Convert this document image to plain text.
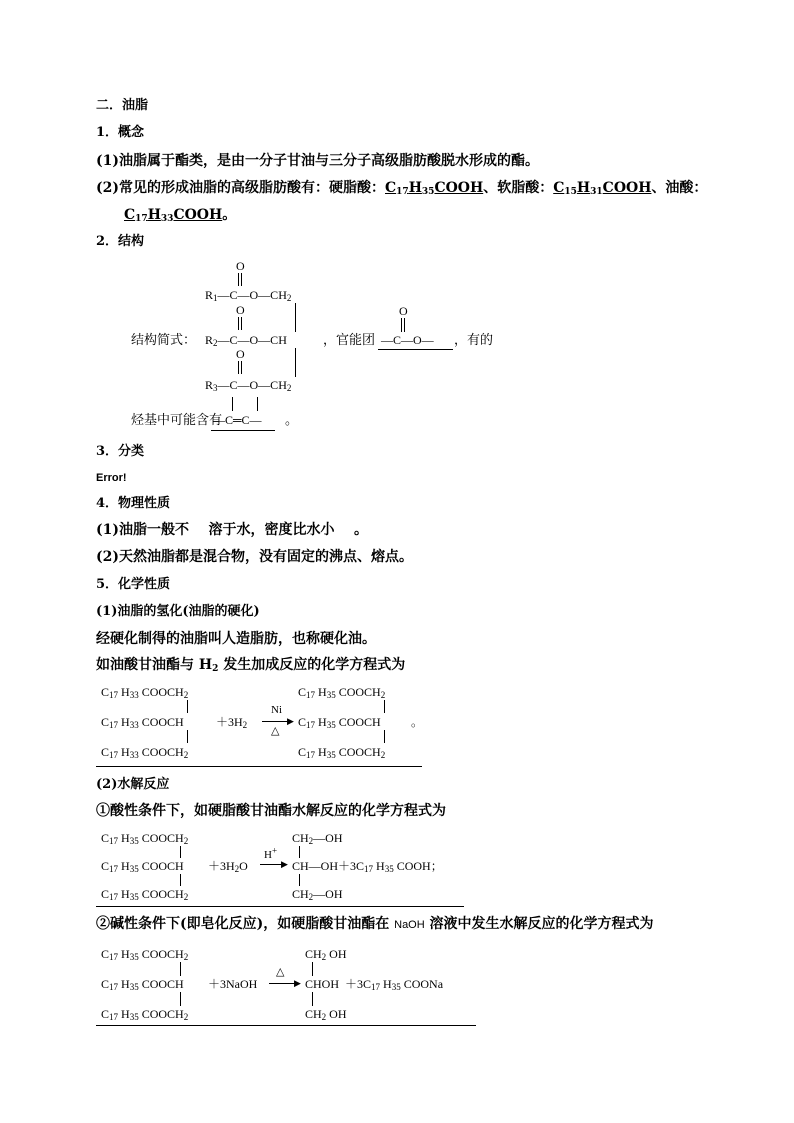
二．油脂
1．概念
(1)油脂属于酯类，是由一分子甘油与三分子高级脂肪酸脱水形成的酯。
(2)常见的形成油脂的高级脂肪酸有：硬脂酸：$C_{17}H_{35}COOH$、软脂酸：$C_{15}H_{31}COOH$、油酸：
$C_{17}H_{33}COOH$。
2．结构
O
O
O
$R_1—C—O—CH_2$
结构简式： $R_2—C—O—CH$
$R_3—C—O—CH_2$
，官能团
O
—C—O— ，有的
烃基中可能含有
—C═C— 。
3．分类
Error!
4．物理性质
(1)油脂一般不 溶于水，密度比水小 。
(2)天然油脂都是混合物，没有固定的沸点、熔点。
5．化学性质
(1)油脂的氢化(油脂的硬化)
经硬化制得的油脂叫人造脂肪，也称硬化油。
如油酸甘油酯与 $H_2$ 发生加成反应的化学方程式为
$C_{17}$ $H_{33}$ $COOCH_2$
$C_{17}$ $H_{33}$ COOCH
$C_{17}$ $H_{33}$ $COOCH_2$
$+3H_2$
Ni
▶
△
$C_{17}$ $H_{35}$ $COOCH_2$
$C_{17}$ $H_{35}$ COOCH
$C_{17}$ $H_{35}$ $COOCH_2$
。
(2)水解反应
①酸性条件下，如硬脂酸甘油酯水解反应的化学方程式为
$C_{17}$ $H_{35}$ $COOCH_2$
$C_{17}$ $H_{35}$ COOCH
$C_{17}$ $H_{35}$ $COOCH_2$
$+3H_2O$
H+
▶
$CH_2—OH$
$CH—OH+3C_{17}$ $H_{35}$ COOH；
$CH_2—OH$
②碱性条件下(即皂化反应)，如硬脂酸甘油酯在 NaOH 溶液中发生水解反应的化学方程式为
$C_{17}$ $H_{35}$ $COOCH_2$
$C_{17}$ $H_{35}$ COOCH
$C_{17}$ $H_{35}$ $COOCH_2$
＋3NaOH
△
▶
$CH_2$ OH
CHOH  $+3C_{17}$ $H_{35}$ COONa
$CH_2$ OH
